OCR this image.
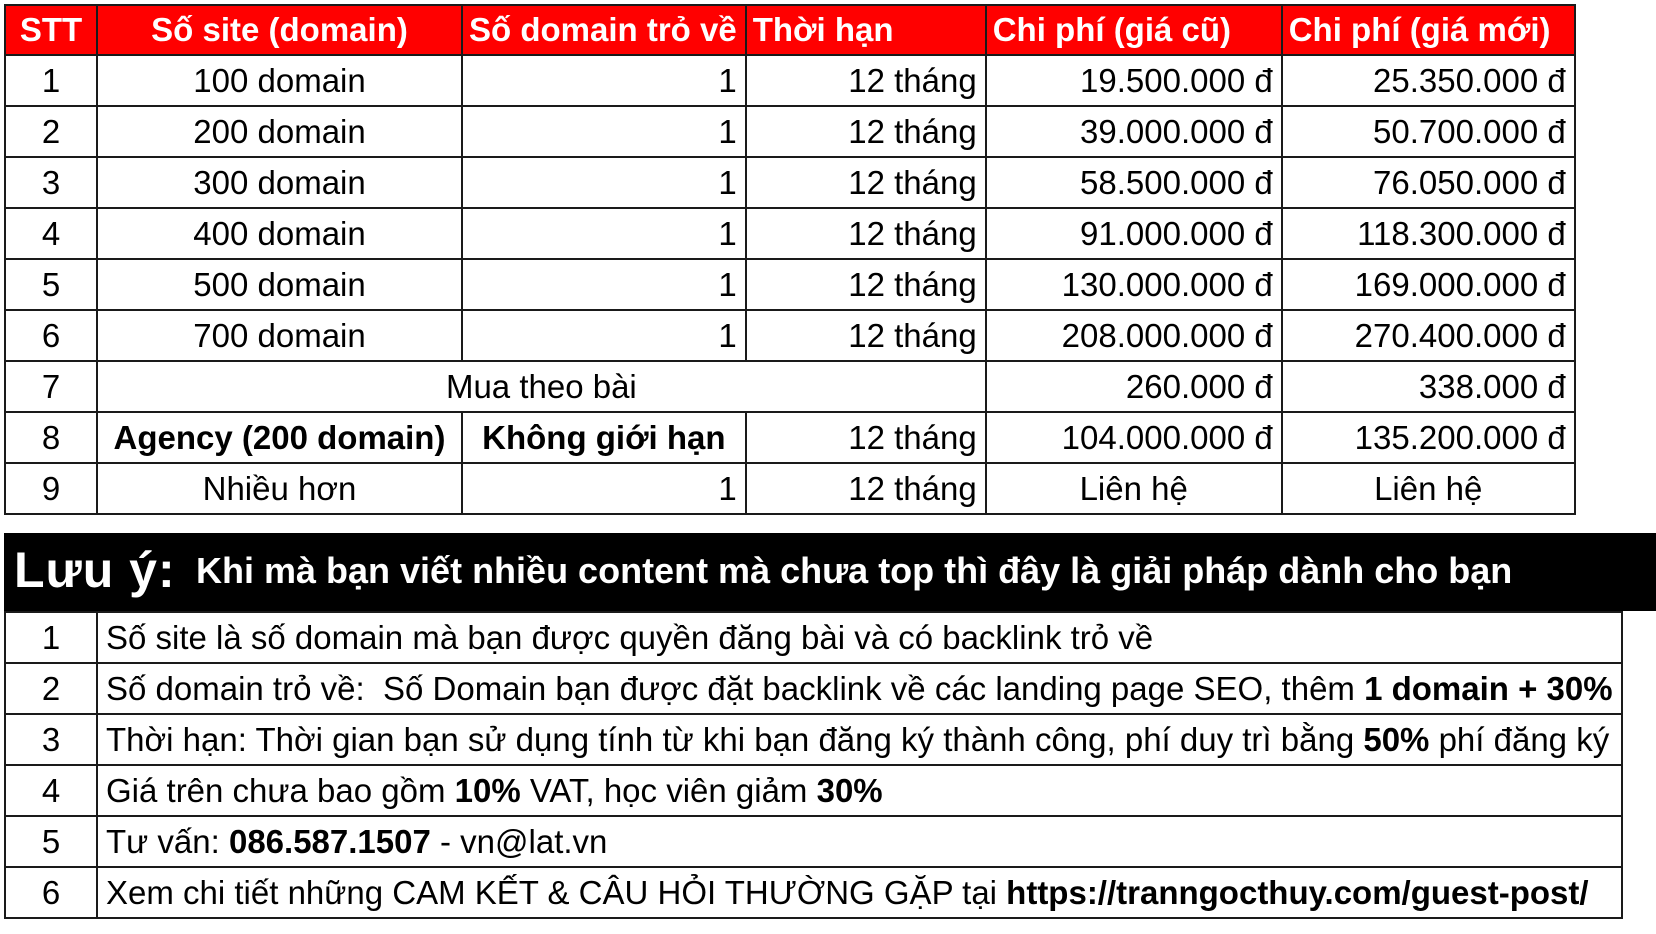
STT	Số site (domain)	Số domain trỏ về	Thời hạn	Chi phí (giá cũ)	Chi phí (giá mới)
1	100 domain	1	12 tháng	19.500.000 đ	25.350.000 đ
2	200 domain	1	12 tháng	39.000.000 đ	50.700.000 đ
3	300 domain	1	12 tháng	58.500.000 đ	76.050.000 đ
4	400 domain	1	12 tháng	91.000.000 đ	118.300.000 đ
5	500 domain	1	12 tháng	130.000.000 đ	169.000.000 đ
6	700 domain	1	12 tháng	208.000.000 đ	270.400.000 đ
7	Mua theo bài			260.000 đ	338.000 đ
8	Agency (200 domain)	Không giới hạn	12 tháng	104.000.000 đ	135.200.000 đ
9	Nhiều hơn	1	12 tháng	Liên hệ	Liên hệ
Lưu ý: Khi mà bạn viết nhiều content mà chưa top thì đây là giải pháp dành cho bạn
1	Số site là số domain mà bạn được quyền đăng bài và có backlink trỏ về
2	Số domain trỏ về:  Số Domain bạn được đặt backlink về các landing page SEO, thêm 1 domain + 30%
3	Thời hạn: Thời gian bạn sử dụng tính từ khi bạn đăng ký thành công, phí duy trì bằng 50% phí đăng ký
4	Giá trên chưa bao gồm 10% VAT, học viên giảm 30%
5	Tư vấn: 086.587.1507 - vn@lat.vn
6	Xem chi tiết những CAM KẾT & CÂU HỎI THƯỜNG GẶP tại https://tranngocthuy.com/guest-post/
